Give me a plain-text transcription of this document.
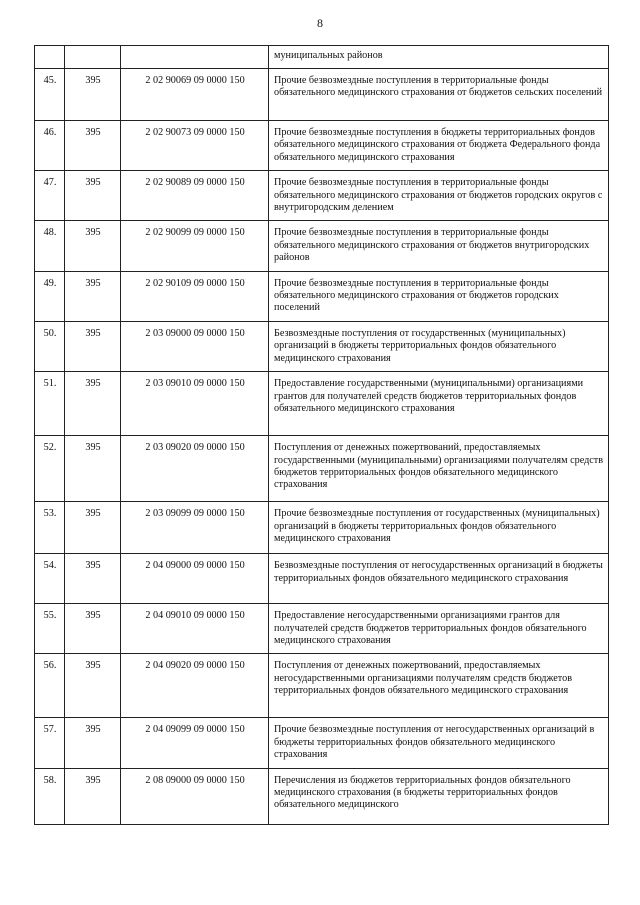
8
			муниципальных районов
45.	395	2 02 90069 09 0000 150	Прочие безвозмездные поступления в территориальные фонды обязательного медицинского страхования от бюджетов сельских поселений
46.	395	2 02 90073 09 0000 150	Прочие безвозмездные поступления в бюджеты территориальных фондов обязательного медицинского страхования от бюджета Федерального фонда обязательного медицинского страхования
47.	395	2 02 90089 09 0000 150	Прочие безвозмездные поступления в территориальные фонды обязательного медицинского страхования от бюджетов городских округов с внутригородским делением
48.	395	2 02 90099 09 0000 150	Прочие безвозмездные поступления в территориальные фонды обязательного медицинского страхования от бюджетов внутригородских районов
49.	395	2 02 90109 09 0000 150	Прочие безвозмездные поступления в территориальные фонды обязательного медицинского страхования от бюджетов городских поселений
50.	395	2 03 09000 09 0000 150	Безвозмездные поступления от государственных (муниципальных) организаций в бюджеты территориальных фондов обязательного медицинского страхования
51.	395	2 03 09010 09 0000 150	Предоставление государственными (муниципальными) организациями грантов для получателей средств бюджетов территориальных фондов обязательного медицинского страхования
52.	395	2 03 09020 09 0000 150	Поступления от денежных пожертвований, предоставляемых государственными (муниципальными) организациями получателям средств бюджетов территориальных фондов обязательного медицинского страхования
53.	395	2 03 09099 09 0000 150	Прочие безвозмездные поступления от государственных (муниципальных) организаций в бюджеты территориальных фондов обязательного медицинского страхования
54.	395	2 04 09000 09 0000 150	Безвозмездные поступления от негосударственных организаций в бюджеты территориальных фондов обязательного медицинского страхования
55.	395	2 04 09010 09 0000 150	Предоставление негосударственными организациями грантов для получателей средств бюджетов территориальных фондов обязательного медицинского страхования
56.	395	2 04 09020 09 0000 150	Поступления от денежных пожертвований, предоставляемых негосударственными организациями получателям средств бюджетов территориальных фондов обязательного медицинского страхования
57.	395	2 04 09099 09 0000 150	Прочие безвозмездные поступления от негосударственных организаций в бюджеты территориальных фондов обязательного медицинского страхования
58.	395	2 08 09000 09 0000 150	Перечисления из бюджетов территориальных фондов обязательного медицинского страхования (в бюджеты территориальных фондов обязательного медицинского
